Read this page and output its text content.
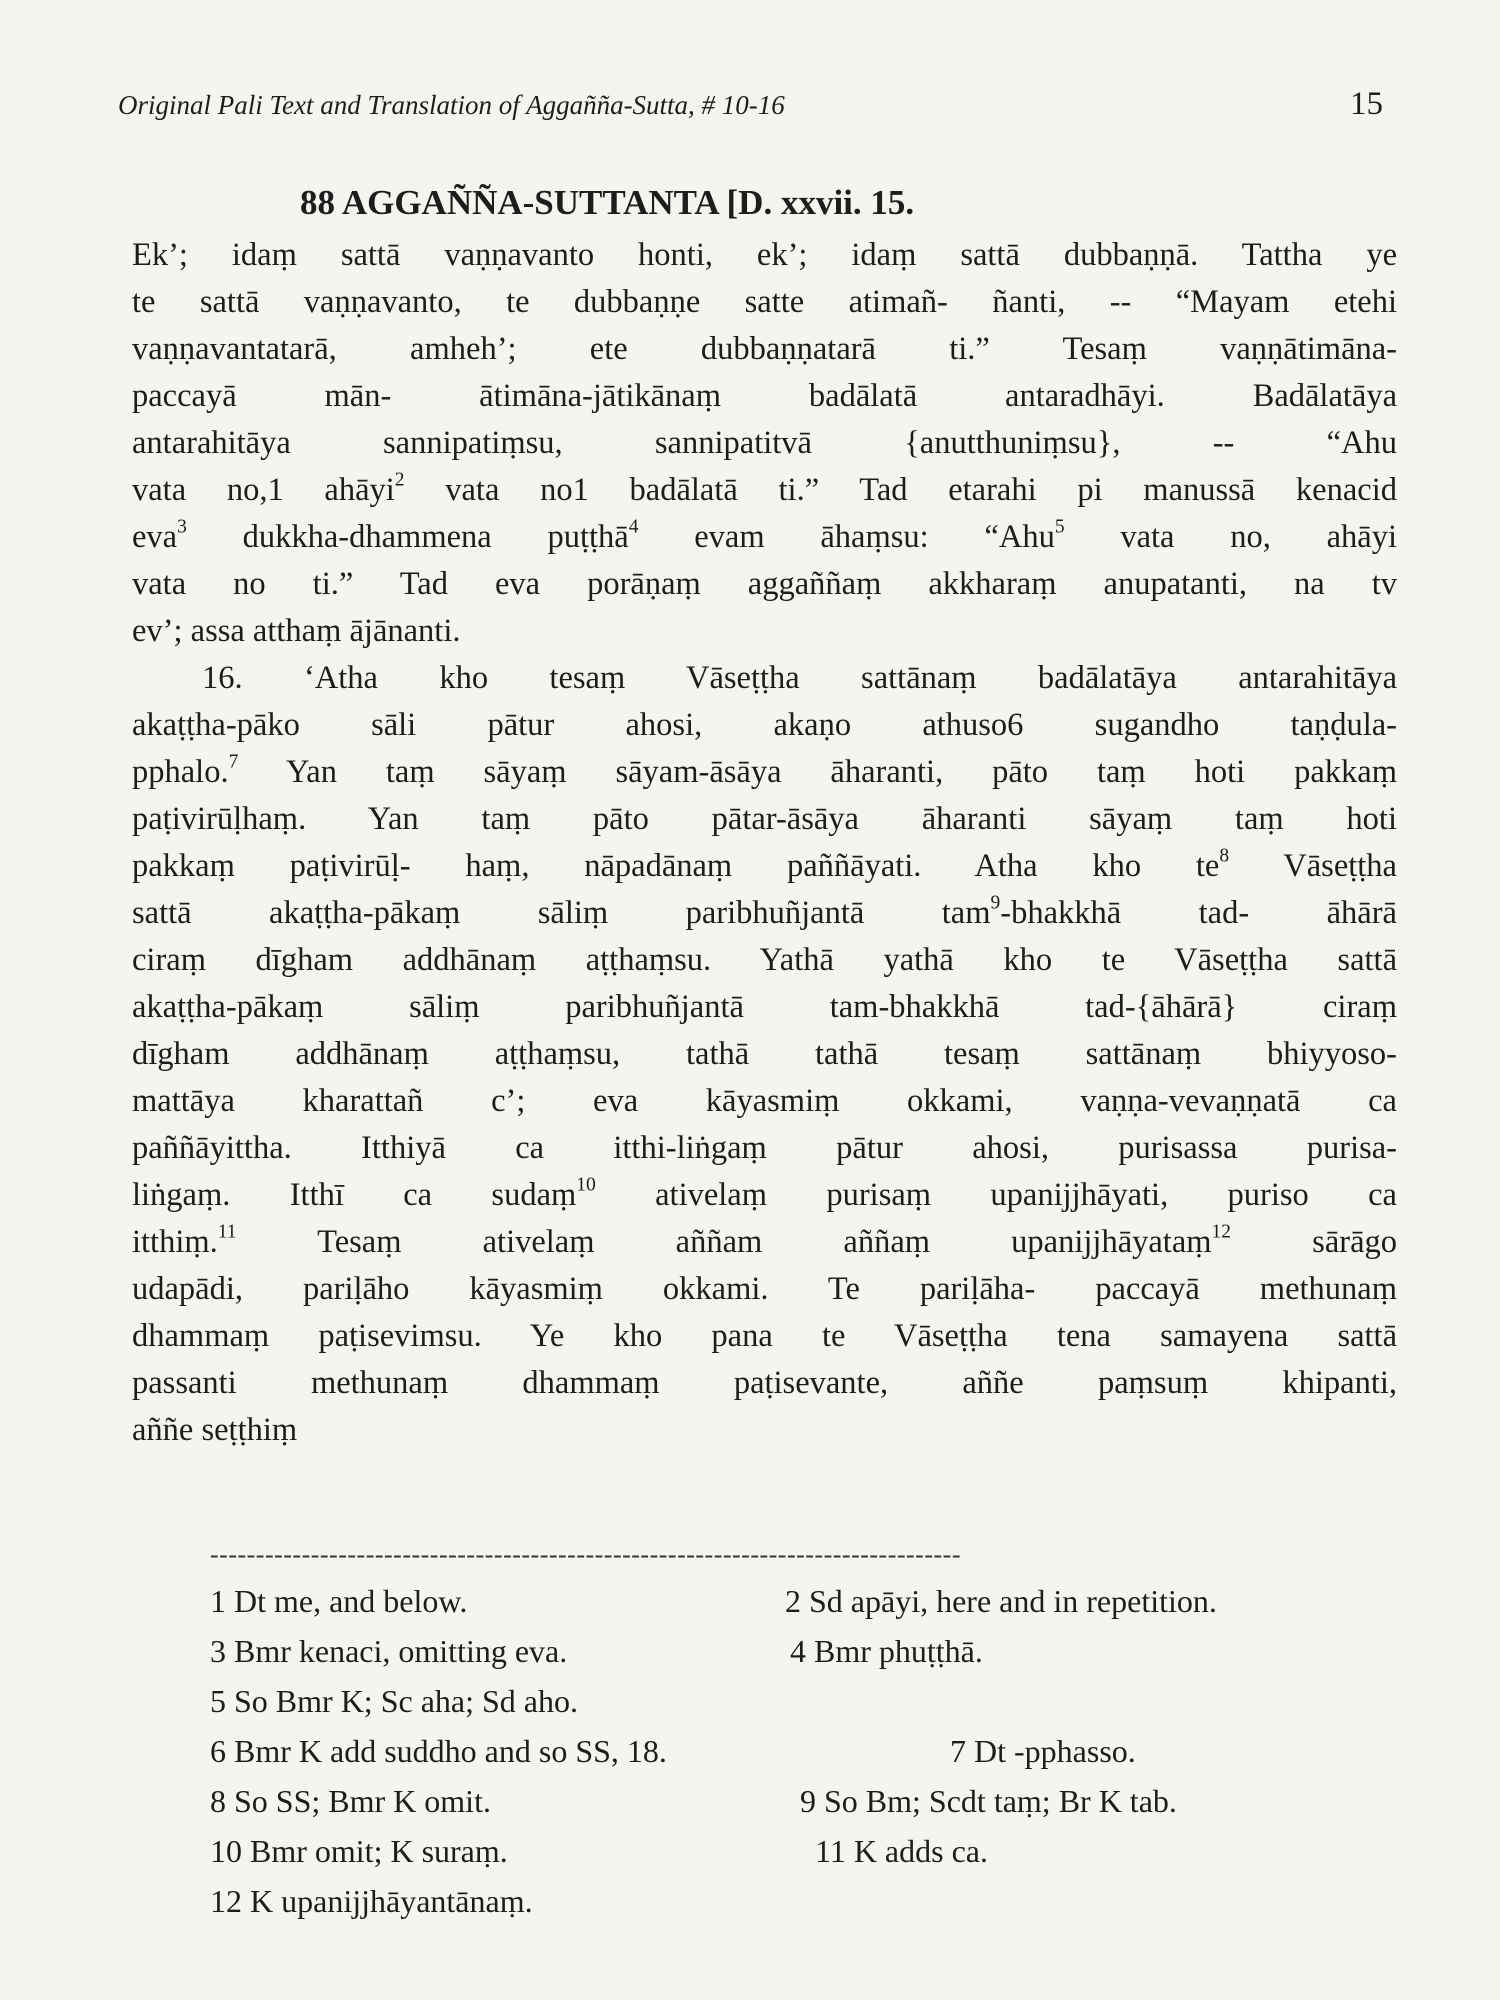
Original Pali Text and Translation of Aggañña-Sutta, # 10-16	15
88 AGGAÑÑA-SUTTANTA [D. xxvii. 15.
Ek’; idaṃ sattā vaṇṇavanto honti, ek’; idaṃ sattā dubbaṇṇā. Tattha ye
te sattā vaṇṇavanto, te dubbaṇṇe satte atimañ- ñanti, -- “Mayam etehi
vaṇṇavantatarā, amheh’; ete dubbaṇṇatarā ti.” Tesaṃ vaṇṇātimāna-
paccayā mān- ātimāna-jātikānaṃ badālatā antaradhāyi. Badālatāya
antarahitāya sannipatiṃsu, sannipatitvā {anutthuniṃsu}, -- “Ahu
vata no,1 ahāyi$^2$ vata no1 badālatā ti.” Tad etarahi pi manussā kenacid
eva$^3$ dukkha-dhammena puṭṭhā$^4$ evam āhaṃsu: “Ahu$^5$ vata no, ahāyi
vata no ti.” Tad eva porāṇaṃ aggaññaṃ akkharaṃ anupatanti, na tv
ev’; assa atthaṃ ājānanti.
16. ‘Atha kho tesaṃ Vāseṭṭha sattānaṃ badālatāya antarahitāya
akaṭṭha-pāko sāli pātur ahosi, akaṇo athuso6 sugandho taṇḍula-
pphalo.$^7$ Yan taṃ sāyaṃ sāyam-āsāya āharanti, pāto taṃ hoti pakkaṃ
paṭivirūḷhaṃ. Yan taṃ pāto pātar-āsāya āharanti sāyaṃ taṃ hoti
pakkaṃ paṭivirūḷ- haṃ, nāpadānaṃ paññāyati. Atha kho $te^8$ Vāseṭṭha
sattā akaṭṭha-pākaṃ sāliṃ paribhuñjantā tam$^9$-bhakkhā tad- āhārā
ciraṃ dīgham addhānaṃ aṭṭhaṃsu. Yathā yathā kho te Vāseṭṭha sattā
akaṭṭha-pākaṃ sāliṃ paribhuñjantā tam-bhakkhā tad-{āhārā} ciraṃ
dīgham addhānaṃ aṭṭhaṃsu, tathā tathā tesaṃ sattānaṃ bhiyyoso-
mattāya kharattañ c’; eva kāyasmiṃ okkami, vaṇṇa-vevaṇṇatā ca
paññāyittha. Itthiyā ca itthi-liṅgaṃ pātur ahosi, purisassa purisa-
liṅgaṃ. Itthī ca sudaṃ$^{10}$ ativelaṃ purisaṃ upanijjhāyati, puriso ca
itthiṃ.$^{11}$ Tesaṃ ativelaṃ aññam aññaṃ upanijjhāyataṃ$^{12}$ sārāgo
udapādi, pariḷāho kāyasmiṃ okkami. Te pariḷāha- paccayā methunaṃ
dhammaṃ paṭisevimsu. Ye kho pana te Vāseṭṭha tena samayena sattā
passanti methunaṃ dhammaṃ paṭisevante, aññe paṃsuṃ khipanti,
aññe seṭṭhiṃ
----------------------------------------------------------------------------------
1 Dt me, and below.	2 Sd apāyi, here and in repetition.
3 Bmr kenaci, omitting eva.	4 Bmr phuṭṭhā.
5 So Bmr K; Sc aha; Sd aho.
6 Bmr K add suddho and so SS, 18.	7 Dt -pphasso.
8 So SS; Bmr K omit.	9 So Bm; Scdt taṃ; Br K tab.
10 Bmr omit; K suraṃ.	11 K adds ca.
12 K upanijjhāyantānaṃ.
